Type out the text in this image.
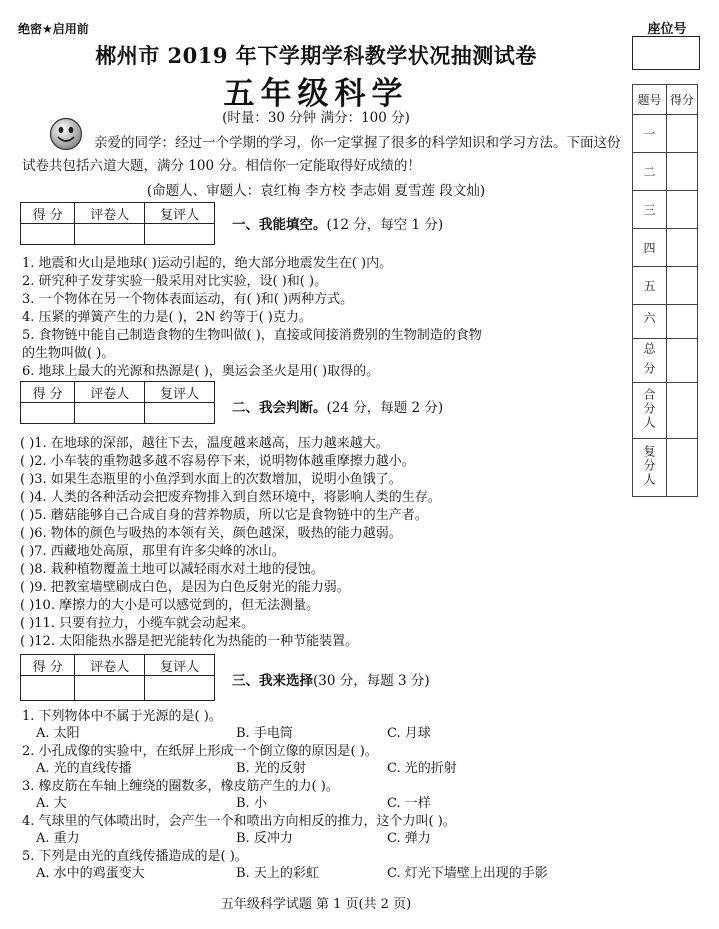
绝密★启用前
郴州市 2019 年下学期学科教学状况抽测试卷
五年级科学
(时量：30 分钟 满分：100 分)
亲爱的同学：经过一个学期的学习，你一定掌握了很多的科学知识和学习方法。下面这份试卷共包括六道大题，满分 100 分。相信你一定能取得好成绩的！
(命题人、审题人：袁红梅 李方校 李志娟 夏雪莲 段文灿)
得 分	评卷人	复评人

一、我能填空。(12 分，每空 1 分)
1. 地震和火山是地球( )运动引起的，绝大部分地震发生在( )内。
2. 研究种子发芽实验一般采用对比实验，设( )和( )。
3. 一个物体在另一个物体表面运动，有( )和( )两种方式。
4. 压紧的弹簧产生的力是( )，2N 约等于( )克力。
5. 食物链中能自己制造食物的生物叫做( )，直接或间接消费别的生物制造的食物
的生物叫做( )。
6. 地球上最大的光源和热源是( )，奥运会圣火是用( )取得的。
得 分	评卷人	复评人

二、我会判断。(24 分，每题 2 分)
( )1. 在地球的深部，越往下去，温度越来越高，压力越来越大。
( )2. 小车装的重物越多越不容易停下来，说明物体越重摩擦力越小。
( )3. 如果生态瓶里的小鱼浮到水面上的次数增加，说明小鱼饿了。
( )4. 人类的各种活动会把废弃物排入到自然环境中，将影响人类的生存。
( )5. 蘑菇能够自己合成自身的营养物质，所以它是食物链中的生产者。
( )6. 物体的颜色与吸热的本领有关，颜色越深，吸热的能力越弱。
( )7. 西藏地处高原，那里有许多尖峰的冰山。
( )8. 栽种植物覆盖土地可以减轻雨水对土地的侵蚀。
( )9. 把教室墙壁刷成白色，是因为白色反射光的能力弱。
( )10. 摩擦力的大小是可以感觉到的，但无法测量。
( )11. 只要有拉力，小缆车就会动起来。
( )12. 太阳能热水器是把光能转化为热能的一种节能装置。
得 分	评卷人	复评人

三、我来选择(30 分，每题 3 分)
1. 下列物体中不属于光源的是( )。
A. 太阳	B. 手电筒	C. 月球
2. 小孔成像的实验中，在纸屏上形成一个倒立像的原因是( )。
A. 光的直线传播	B. 光的反射	C. 光的折射
3. 橡皮筋在车轴上缠绕的圈数多，橡皮筋产生的力( )。
A. 大	B. 小	C. 一样
4. 气球里的气体喷出时，会产生一个和喷出方向相反的推力，这个力叫( )。
A. 重力	B. 反冲力	C. 弹力
5. 下列是由光的直线传播造成的是( )。
A. 水中的鸡蛋变大	B. 天上的彩虹	C. 灯光下墙壁上出现的手影
五年级科学试题 第 1 页(共 2 页)
座位号
题号	得分
一	
二	
三	
四	
五	
六	
总 分	
合分人	
复分人	
